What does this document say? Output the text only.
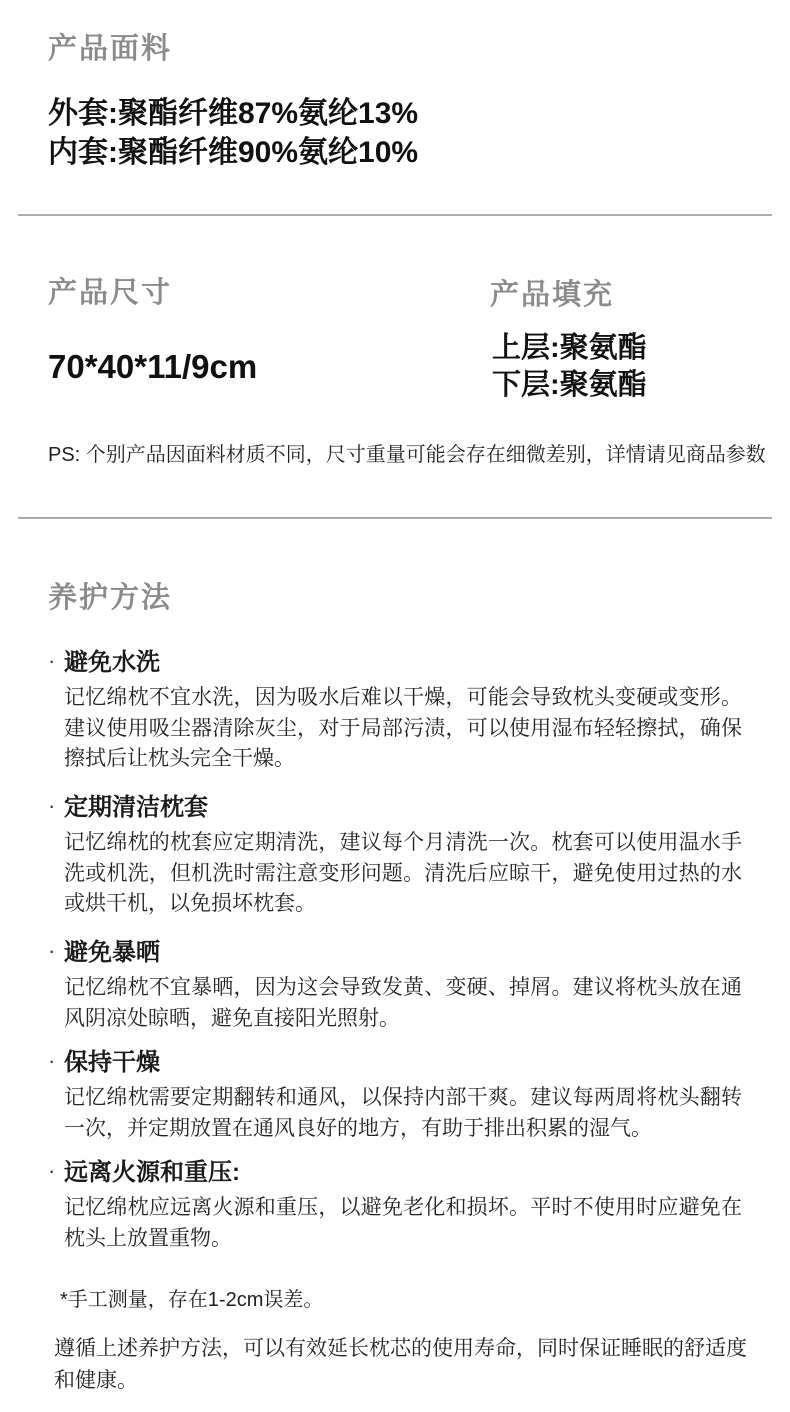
产品面料
外套:聚酯纤维87%氨纶13%
内套:聚酯纤维90%氨纶10%
产品尺寸
70*40*11/9cm
产品填充
上层:聚氨酯
下层:聚氨酯
PS: 个别产品因面料材质不同，尺寸重量可能会存在细微差别，详情请见商品参数
养护方法
· 避免水洗
记忆绵枕不宜水洗，因为吸水后难以干燥，可能会导致枕头变硬或变形。建议使用吸尘器清除灰尘，对于局部污渍，可以使用湿布轻轻擦拭，确保擦拭后让枕头完全干燥。
· 定期清洁枕套
记忆绵枕的枕套应定期清洗，建议每个月清洗一次。枕套可以使用温水手洗或机洗，但机洗时需注意变形问题。清洗后应晾干，避免使用过热的水或烘干机，以免损坏枕套。
· 避免暴晒
记忆绵枕不宜暴晒，因为这会导致发黄、变硬、掉屑。建议将枕头放在通风阴凉处晾晒，避免直接阳光照射。
· 保持干燥
记忆绵枕需要定期翻转和通风，以保持内部干爽。建议每两周将枕头翻转一次，并定期放置在通风良好的地方，有助于排出积累的湿气。
· 远离火源和重压:
记忆绵枕应远离火源和重压，以避免老化和损坏。平时不使用时应避免在枕头上放置重物。
*手工测量，存在1-2cm误差。
遵循上述养护方法，可以有效延长枕芯的使用寿命，同时保证睡眠的舒适度和健康。
